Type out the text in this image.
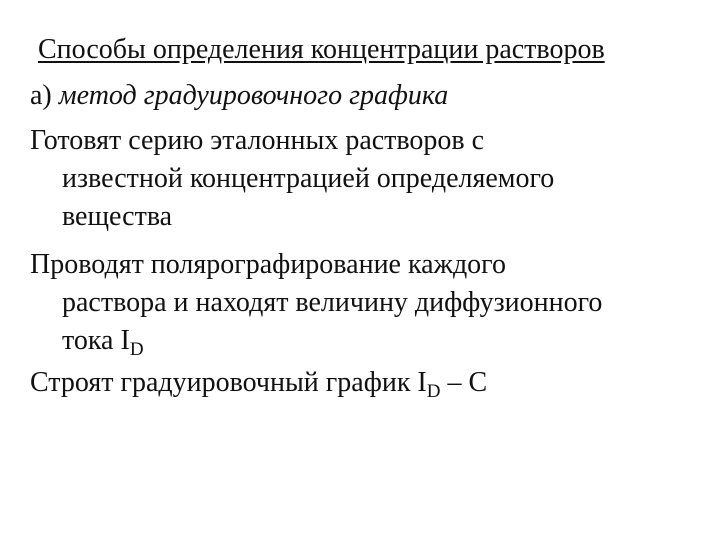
Способы определения концентрации растворов
а) метод градуировочного графика

Готовят серию эталонных растворов с
известной концентрацией определяемого
вещества

Проводят полярографирование каждого
раствора и находят величину диффузионного
тока $I_D$

Строят градуировочный график $I_D$ – C
